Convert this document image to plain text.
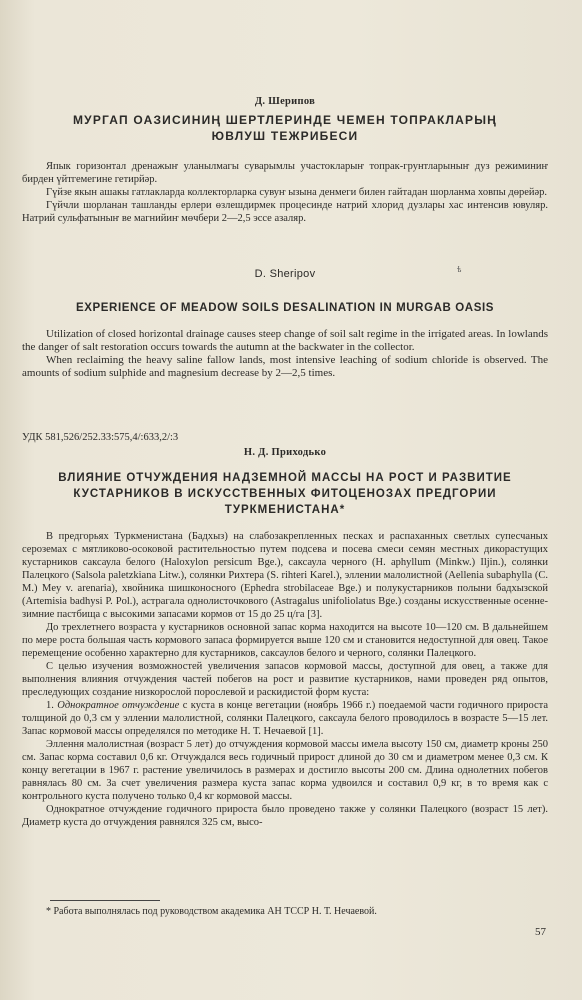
Д. Шерипов
МУРГАП ОАЗИСИНИҢ ШЕРТЛЕРИНДЕ ЧЕМЕН ТОПРАКЛАРЫҢ
ЮВЛУШ ТЕЖРИБЕСИ

Япык горизонтал дренажыҥ уланылмагы суварымлы участокларыҥ топрак-грунтларыныҥ дуз режиминиҥ бирден үйтгемегине гетирйәр.

Гүйзе якын ашакы гатлакларда коллекторларка сувуҥ ызына денмеги билен гайтадан шорланма ховпы дөрейәр.

Гүйчли шорланан ташланды ерлери өзлешдирмек процесинде натрий хлорид дузлары хас интенсив ювуляр. Натрий сульфатыныҥ ве магнийиҥ мөчбери 2—2,5 эссе азаляр.

D. Sheripov	ѣ
EXPERIENCE OF MEADOW SOILS DESALINATION IN MURGAB OASIS

Utilization of closed horizontal drainage causes steep change of soil salt regime in the irrigated areas. In lowlands the danger of salt restoration occurs towards the autumn at the backwater in the collector.

When reclaiming the heavy saline fallow lands, most intensive leaching of sodium chloride is observed. The amounts of sodium sulphide and magnesium decrease by 2—2,5 times.

УДК 581,526/252.33:575,4/:633,2/:3
Н. Д. Приходько
ВЛИЯНИЕ ОТЧУЖДЕНИЯ НАДЗЕМНОЙ МАССЫ НА РОСТ И РАЗВИТИЕ
КУСТАРНИКОВ В ИСКУССТВЕННЫХ ФИТОЦЕНОЗАХ ПРЕДГОРИИ
ТУРКМЕНИСТАНА*

В предгорьях Туркменистана (Бадхыз) на слабозакрепленных песках и распаханных светлых супесчаных сероземах с мятликово-осоковой растительностью путем подсева и посева смеси семян местных дикорастущих кустарников саксаула белого (Haloxylon persicum Bge.), саксаула черного (H. aphyllum (Minkw.) Iljin.), солянки Палецкого (Salsola paletzkiana Litw.), солянки Рихтера (S. rihteri Karel.), эллении малолистной (Aellenia subaphylla (C. M.) Mey v. arenaria), хвойника шишконосного (Ephedra strobilaceae Bge.) и полукустарников полыни бадхызской (Artemisia badhysi P. Pol.), астрагала однолисточкового (Astragalus unifoliolatus Bge.) созданы искусственные осенне-зимние пастбища с высокими запасами кормов от 15 до 25 ц/га [3].

До трехлетнего возраста у кустарников основной запас корма находится на высоте 10—120 см. В дальнейшем по мере роста большая часть кормового запаса формируется выше 120 см и становится недоступной для овец. Такое перемещение особенно характерно для кустарников, саксаулов белого и черного, солянки Палецкого.

С целью изучения возможностей увеличения запасов кормовой массы, доступной для овец, а также для выполнения влияния отчуждения частей побегов на рост и развитие кустарников, нами проведен ряд опытов, преследующих создание низкорослой порослевой и раскидистой форм куста:

1. Однократное отчуждение с куста в конце вегетации (ноябрь 1966 г.) поедаемой части годичного прироста толщиной до 0,3 см у эллении малолистной, солянки Палецкого, саксаула белого проводилось в возрасте 5—15 лет. Запас кормовой массы определялся по методике Н. Т. Нечаевой [1].

Эллення малолистная (возраст 5 лет) до отчуждения кормовой массы имела высоту 150 см, диаметр кроны 250 см. Запас корма составил 0,6 кг. Отчуждался весь годичный прирост длиной до 30 см и диаметром менее 0,3 см. К концу вегетации в 1967 г. растение увеличилось в размерах и достигло высоты 200 см. Длина однолетних побегов равнялась 80 см. За счет увеличения размера куста запас корма удвоился и составил 0,9 кг, в то время как с контрольного куста получено только 0,4 кг кормовой массы.

Однократное отчуждение годичного прироста было проведено также у солянки Палецкого (возраст 15 лет). Диаметр куста до отчуждения равнялся 325 см, высо-

* Работа выполнялась под руководством академика АН ТССР Н. Т. Нечаевой.
57
